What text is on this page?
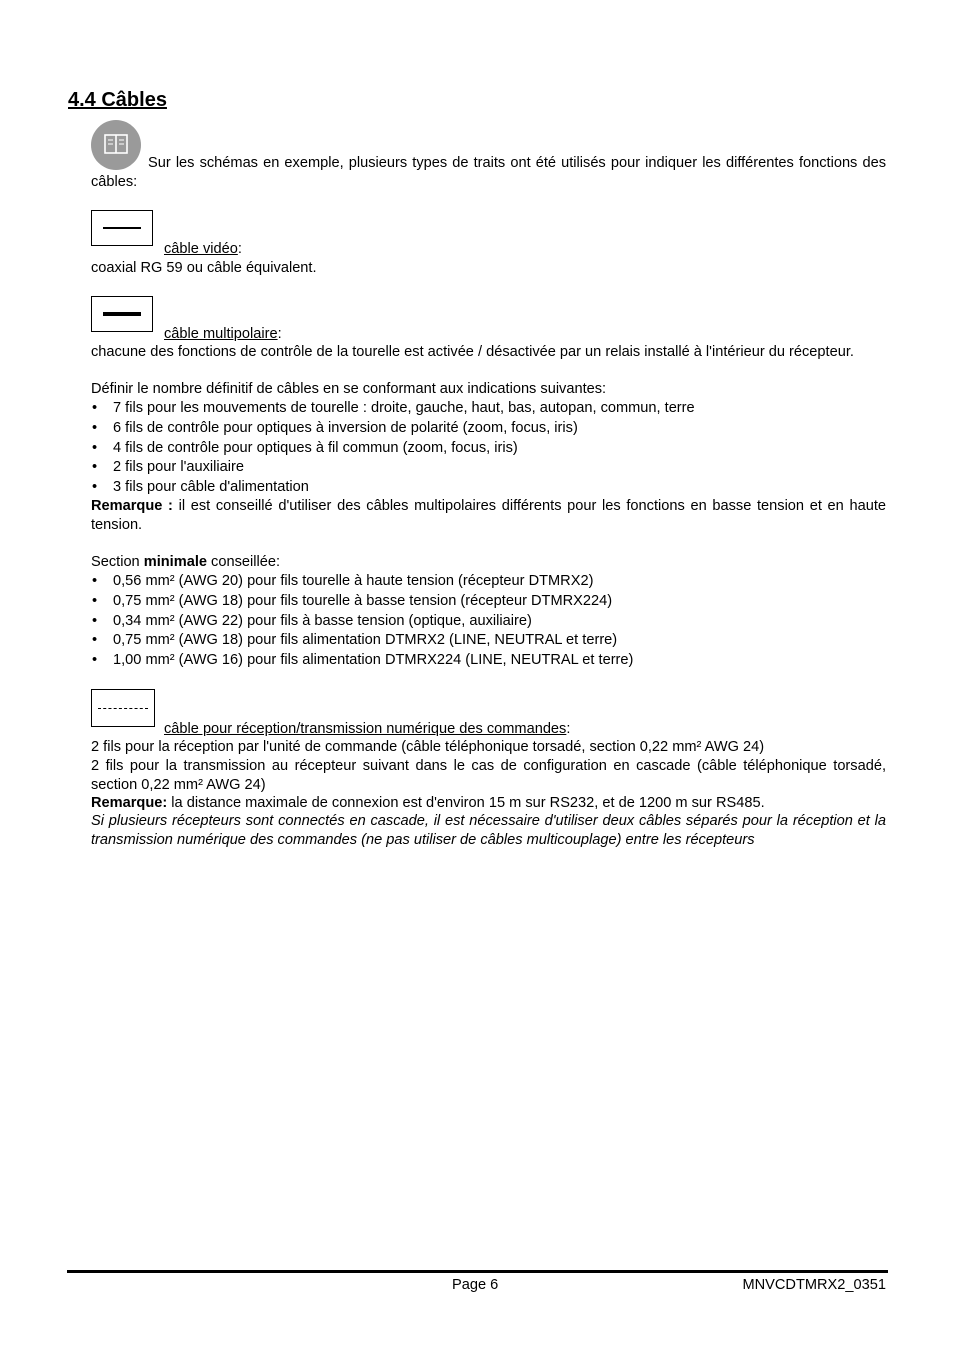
4.4 Câbles

Sur les schémas en exemple, plusieurs types de traits ont été utilisés pour indiquer les différentes fonctions des câbles:

câble vidéo:

coaxial RG 59 ou câble équivalent.

câble multipolaire:

chacune des fonctions de contrôle de la tourelle est activée / désactivée par un relais installé à l'intérieur du récepteur.

Définir le nombre définitif de câbles en se conformant aux indications suivantes:

• 7 fils pour les mouvements de tourelle : droite, gauche, haut, bas, autopan, commun, terre
• 6 fils de contrôle pour optiques à inversion de polarité (zoom, focus, iris)
• 4 fils de contrôle pour optiques à fil commun (zoom, focus, iris)
• 2 fils pour l'auxiliaire
• 3 fils pour câble d'alimentation

Remarque : il est conseillé d'utiliser des câbles multipolaires différents pour les fonctions en basse tension et en haute tension.

Section minimale conseillée:

• 0,56 mm² (AWG 20) pour fils tourelle à haute tension (récepteur DTMRX2)
• 0,75 mm² (AWG 18) pour fils tourelle à basse tension (récepteur DTMRX224)
• 0,34 mm² (AWG 22) pour fils à basse tension (optique, auxiliaire)
• 0,75 mm² (AWG 18) pour fils alimentation DTMRX2 (LINE, NEUTRAL et terre)
• 1,00 mm² (AWG 16) pour fils alimentation DTMRX224 (LINE, NEUTRAL et terre)
câble pour réception/transmission numérique des commandes:

2 fils pour la réception par l'unité de commande (câble téléphonique torsadé, section 0,22 mm² AWG 24)

2 fils pour la transmission au récepteur suivant dans le cas de configuration en cascade (câble téléphonique torsadé, section 0,22 mm² AWG 24)

Remarque: la distance maximale de connexion est d'environ 15 m sur RS232, et de 1200 m sur RS485.

Si plusieurs récepteurs sont connectés en cascade, il est nécessaire d'utiliser deux câbles séparés pour la réception et la transmission numérique des commandes (ne pas utiliser de câbles multicouplage) entre les récepteurs

Page 6	MNVCDTMRX2_0351
